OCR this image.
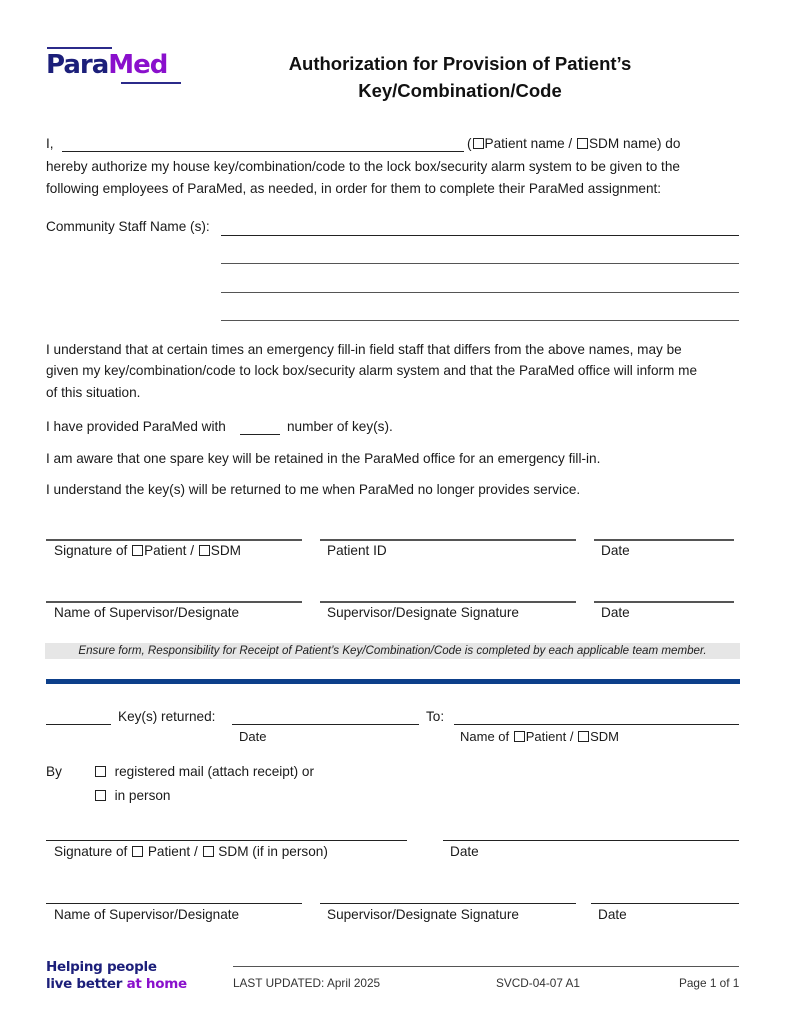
ParaMed	Authorization for Provision of Patient’s
Key/Combination/Code
I,	( Patient name / SDM name) do
hereby authorize my house key/combination/code to the lock box/security alarm system to be given to the
following employees of ParaMed, as needed, in order for them to complete their ParaMed assignment:
Community Staff Name (s):
I understand that at certain times an emergency fill-in field staff that differs from the above names, may be
given my key/combination/code to lock box/security alarm system and that the ParaMed office will inform me
of this situation.
I have provided ParaMed with	number of key(s).
I am aware that one spare key will be retained in the ParaMed office for an emergency fill-in.
I understand the key(s) will be returned to me when ParaMed no longer provides service.
Signature of Patient / SDM	Patient ID	Date
Name of Supervisor/Designate	Supervisor/Designate Signature	Date
Ensure form, Responsibility for Receipt of Patient’s Key/Combination/Code is completed by each applicable team member.
Key(s) returned:	To:
Date	Name of Patient / SDM
By	registered mail (attach receipt) or
in person
Signature of  Patient /  SDM (if in person)	Date
Name of Supervisor/Designate	Supervisor/Designate Signature	Date
Helping people
live better at home	LAST UPDATED: April 2025	SVCD-04-07 A1	Page 1 of 1
